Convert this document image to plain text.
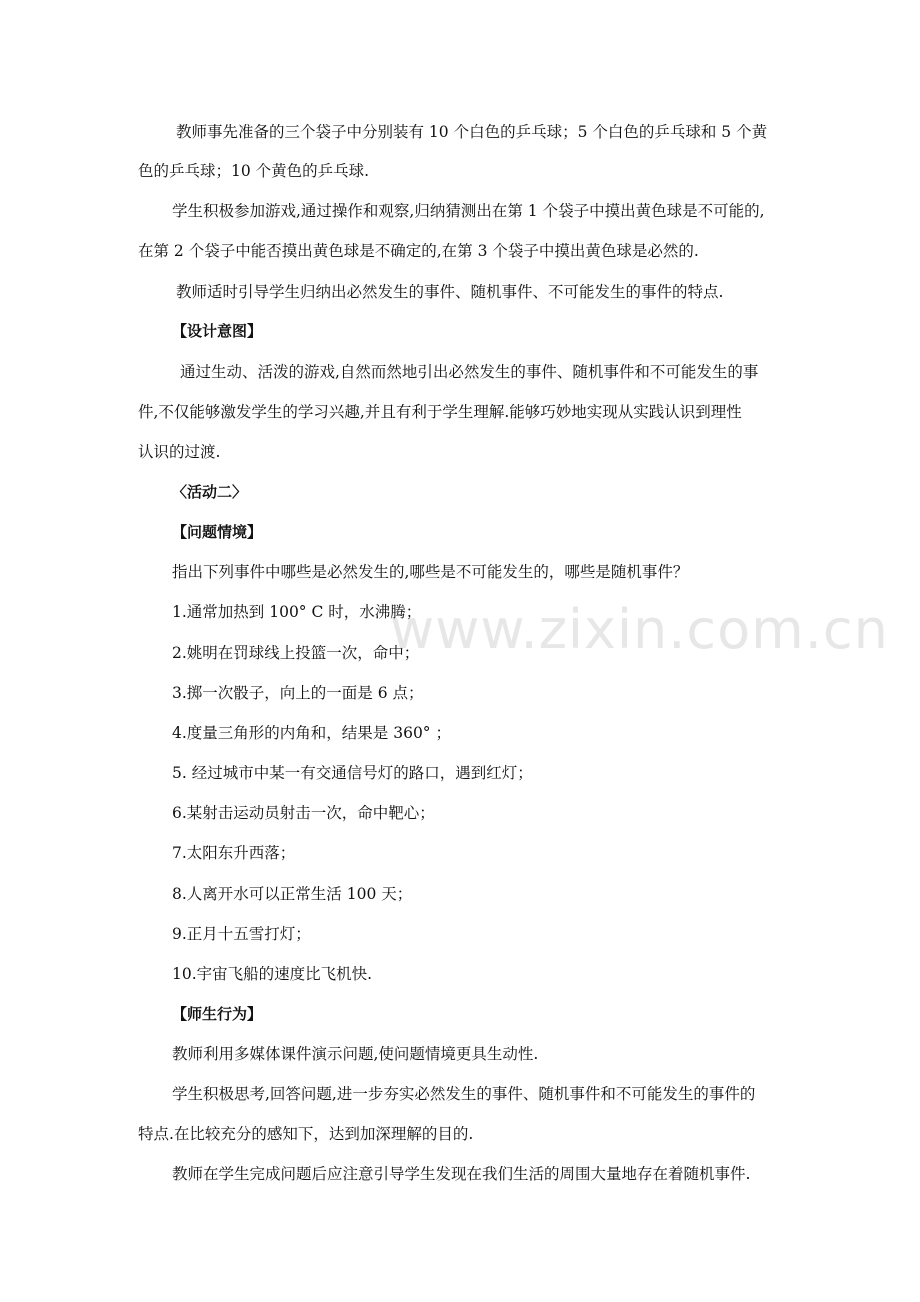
教师事先准备的三个袋子中分别装有 10 个白色的乒乓球；5 个白色的乒乓球和 5 个黄
色的乒乓球；10 个黄色的乒乓球.
学生积极参加游戏,通过操作和观察,归纳猜测出在第 1 个袋子中摸出黄色球是不可能的,
在第 2 个袋子中能否摸出黄色球是不确定的,在第 3 个袋子中摸出黄色球是必然的.
教师适时引导学生归纳出必然发生的事件、随机事件、不可能发生的事件的特点.
【设计意图】
通过生动、活泼的游戏,自然而然地引出必然发生的事件、随机事件和不可能发生的事
件,不仅能够激发学生的学习兴趣,并且有利于学生理解.能够巧妙地实现从实践认识到理性
认识的过渡.
〈活动二〉
【问题情境】
指出下列事件中哪些是必然发生的,哪些是不可能发生的，哪些是随机事件？
1.通常加热到 100° C 时，水沸腾；
2.姚明在罚球线上投篮一次，命中；
3.掷一次骰子，向上的一面是 6 点；
4.度量三角形的内角和，结果是 360° ；
5. 经过城市中某一有交通信号灯的路口，遇到红灯；
6.某射击运动员射击一次，命中靶心；
7.太阳东升西落；
8.人离开水可以正常生活 100 天；
9.正月十五雪打灯；
10.宇宙飞船的速度比飞机快.
【师生行为】
教师利用多媒体课件演示问题,使问题情境更具生动性.
学生积极思考,回答问题,进一步夯实必然发生的事件、随机事件和不可能发生的事件的
特点.在比较充分的感知下，达到加深理解的目的.
教师在学生完成问题后应注意引导学生发现在我们生活的周围大量地存在着随机事件.
www.zixin.com.cn
